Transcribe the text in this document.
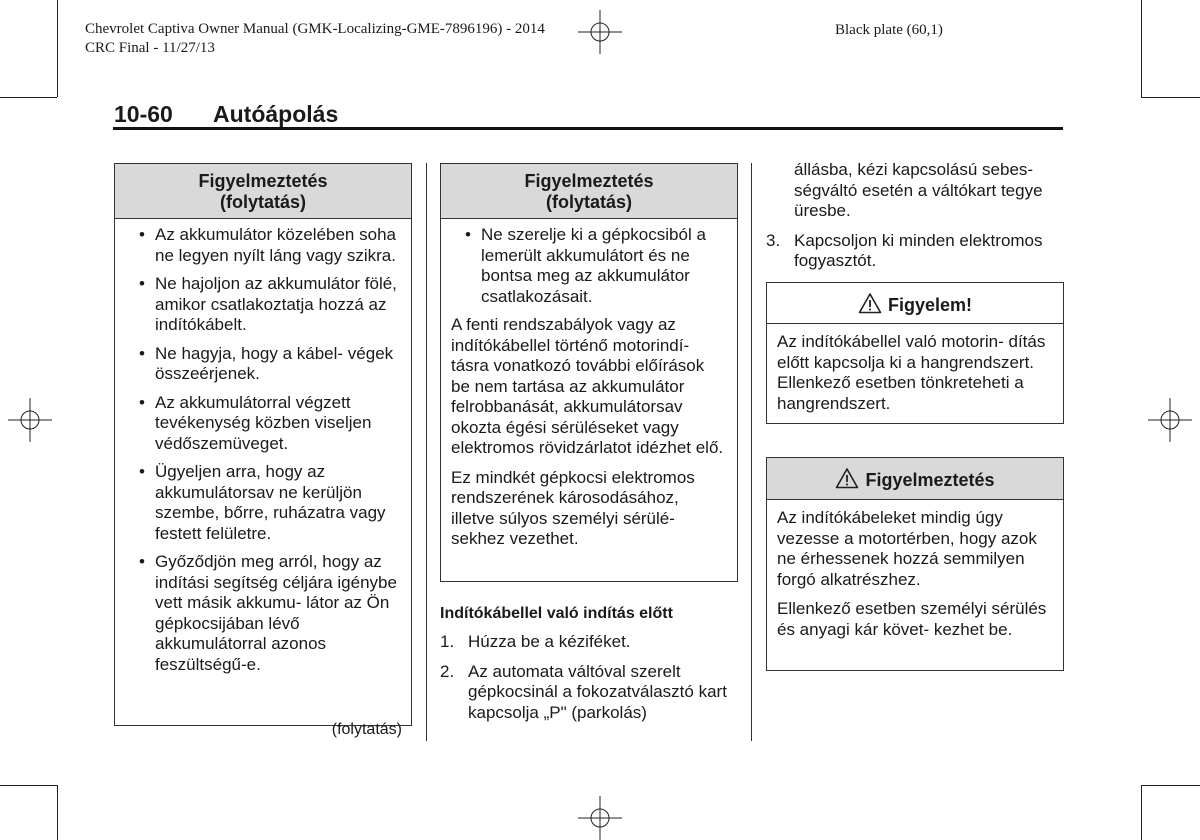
Chevrolet Captiva Owner Manual (GMK-Localizing-GME-7896196) - 2014
CRC Final - 11/27/13
Black plate (60,1)
10-60 Autóápolás
Figyelmeztetés
(folytatás)
• Az akkumulátor közelében soha ne legyen nyílt láng vagy szikra.
• Ne hajoljon az akkumulátor fölé, amikor csatlakoztatja hozzá az indítókábelt.
• Ne hagyja, hogy a kábel- végek összeérjenek.
• Az akkumulátorral végzett tevékenység közben viseljen védőszemüveget.
• Ügyeljen arra, hogy az akkumulátorsav ne kerüljön szembe, bőrre, ruházatra vagy festett felületre.
• Győződjön meg arról, hogy az indítási segítség céljára igénybe vett másik akkumu- látor az Ön gépkocsijában lévő akkumulátorral azonos feszültségű-e.
(folytatás)
Figyelmeztetés
(folytatás)
• Ne szerelje ki a gépkocsiból a lemerült akkumulátort és ne bontsa meg az akkumulátor csatlakozásait.

A fenti rendszabályok vagy az indítókábellel történő motorindí- tásra vonatkozó további előírások be nem tartása az akkumulátor felrobbanását, akkumulátorsav okozta égési sérüléseket vagy elektromos rövidzárlatot idézhet elő.

Ez mindkét gépkocsi elektromos rendszerének károsodásához, illetve súlyos személyi sérülé- sekhez vezethet.

Indítókábellel való indítás előtt
1. Húzza be a kéziféket.
2. Az automata váltóval szerelt gépkocsinál a fokozatválasztó kart kapcsolja „P" (parkolás)
állásba, kézi kapcsolású sebes- ségváltó esetén a váltókart tegye üresbe.
3. Kapcsoljon ki minden elektromos fogyasztót.
Figyelem!

Az indítókábellel való motorin- dítás előtt kapcsolja ki a hangrendszert. Ellenkező esetben tönkreteheti a hangrendszert.

Figyelmeztetés

Az indítókábeleket mindig úgy vezesse a motortérben, hogy azok ne érhessenek hozzá semmilyen forgó alkatrészhez.

Ellenkező esetben személyi sérülés és anyagi kár követ- kezhet be.
